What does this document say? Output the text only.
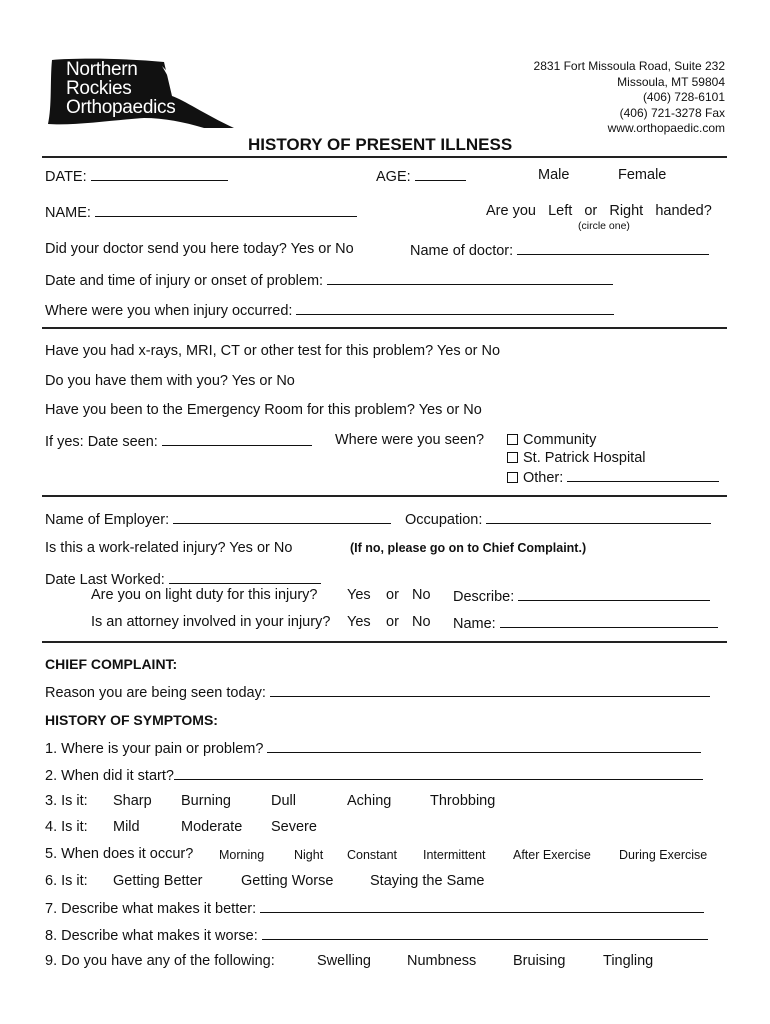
Northern
Rockies
Orthopaedics
2831 Fort Missoula Road, Suite 232
Missoula, MT 59804
(406) 728-6101
(406) 721-3278 Fax
www.orthopaedic.com
HISTORY OF PRESENT ILLNESS
DATE:	AGE:	Male	Female
NAME:	Are you Left or Right handed?
(circle one)
Did your doctor send you here today? Yes or No	Name of doctor:
Date and time of injury or onset of problem:
Where were you when injury occurred:
Have you had x-rays, MRI, CT or other test for this problem? Yes or No
Do you have them with you? Yes or No
Have you been to the Emergency Room for this problem? Yes or No
If yes: Date seen:	Where were you seen?	Community
St. Patrick Hospital
Other:
Name of Employer:	Occupation:
Is this a work-related injury? Yes or No	(If no, please go on to Chief Complaint.)
Date Last Worked:
Are you on light duty for this injury? Yes or No Describe:
Is an attorney involved in your injury? Yes or No Name:
CHIEF COMPLAINT:
Reason you are being seen today:
HISTORY OF SYMPTOMS:
1. Where is your pain or problem?
2. When did it start?
3. Is it: Sharp Burning	Dull	Aching	Throbbing
4. Is it: Mild	Moderate Severe
5. When does it occur? Morning Night Constant Intermittent After Exercise During Exercise
6. Is it: Getting Better	Getting Worse	Staying the Same
7. Describe what makes it better:
8. Describe what makes it worse:
9. Do you have any of the following:	Swelling Numbness	Bruising	Tingling
